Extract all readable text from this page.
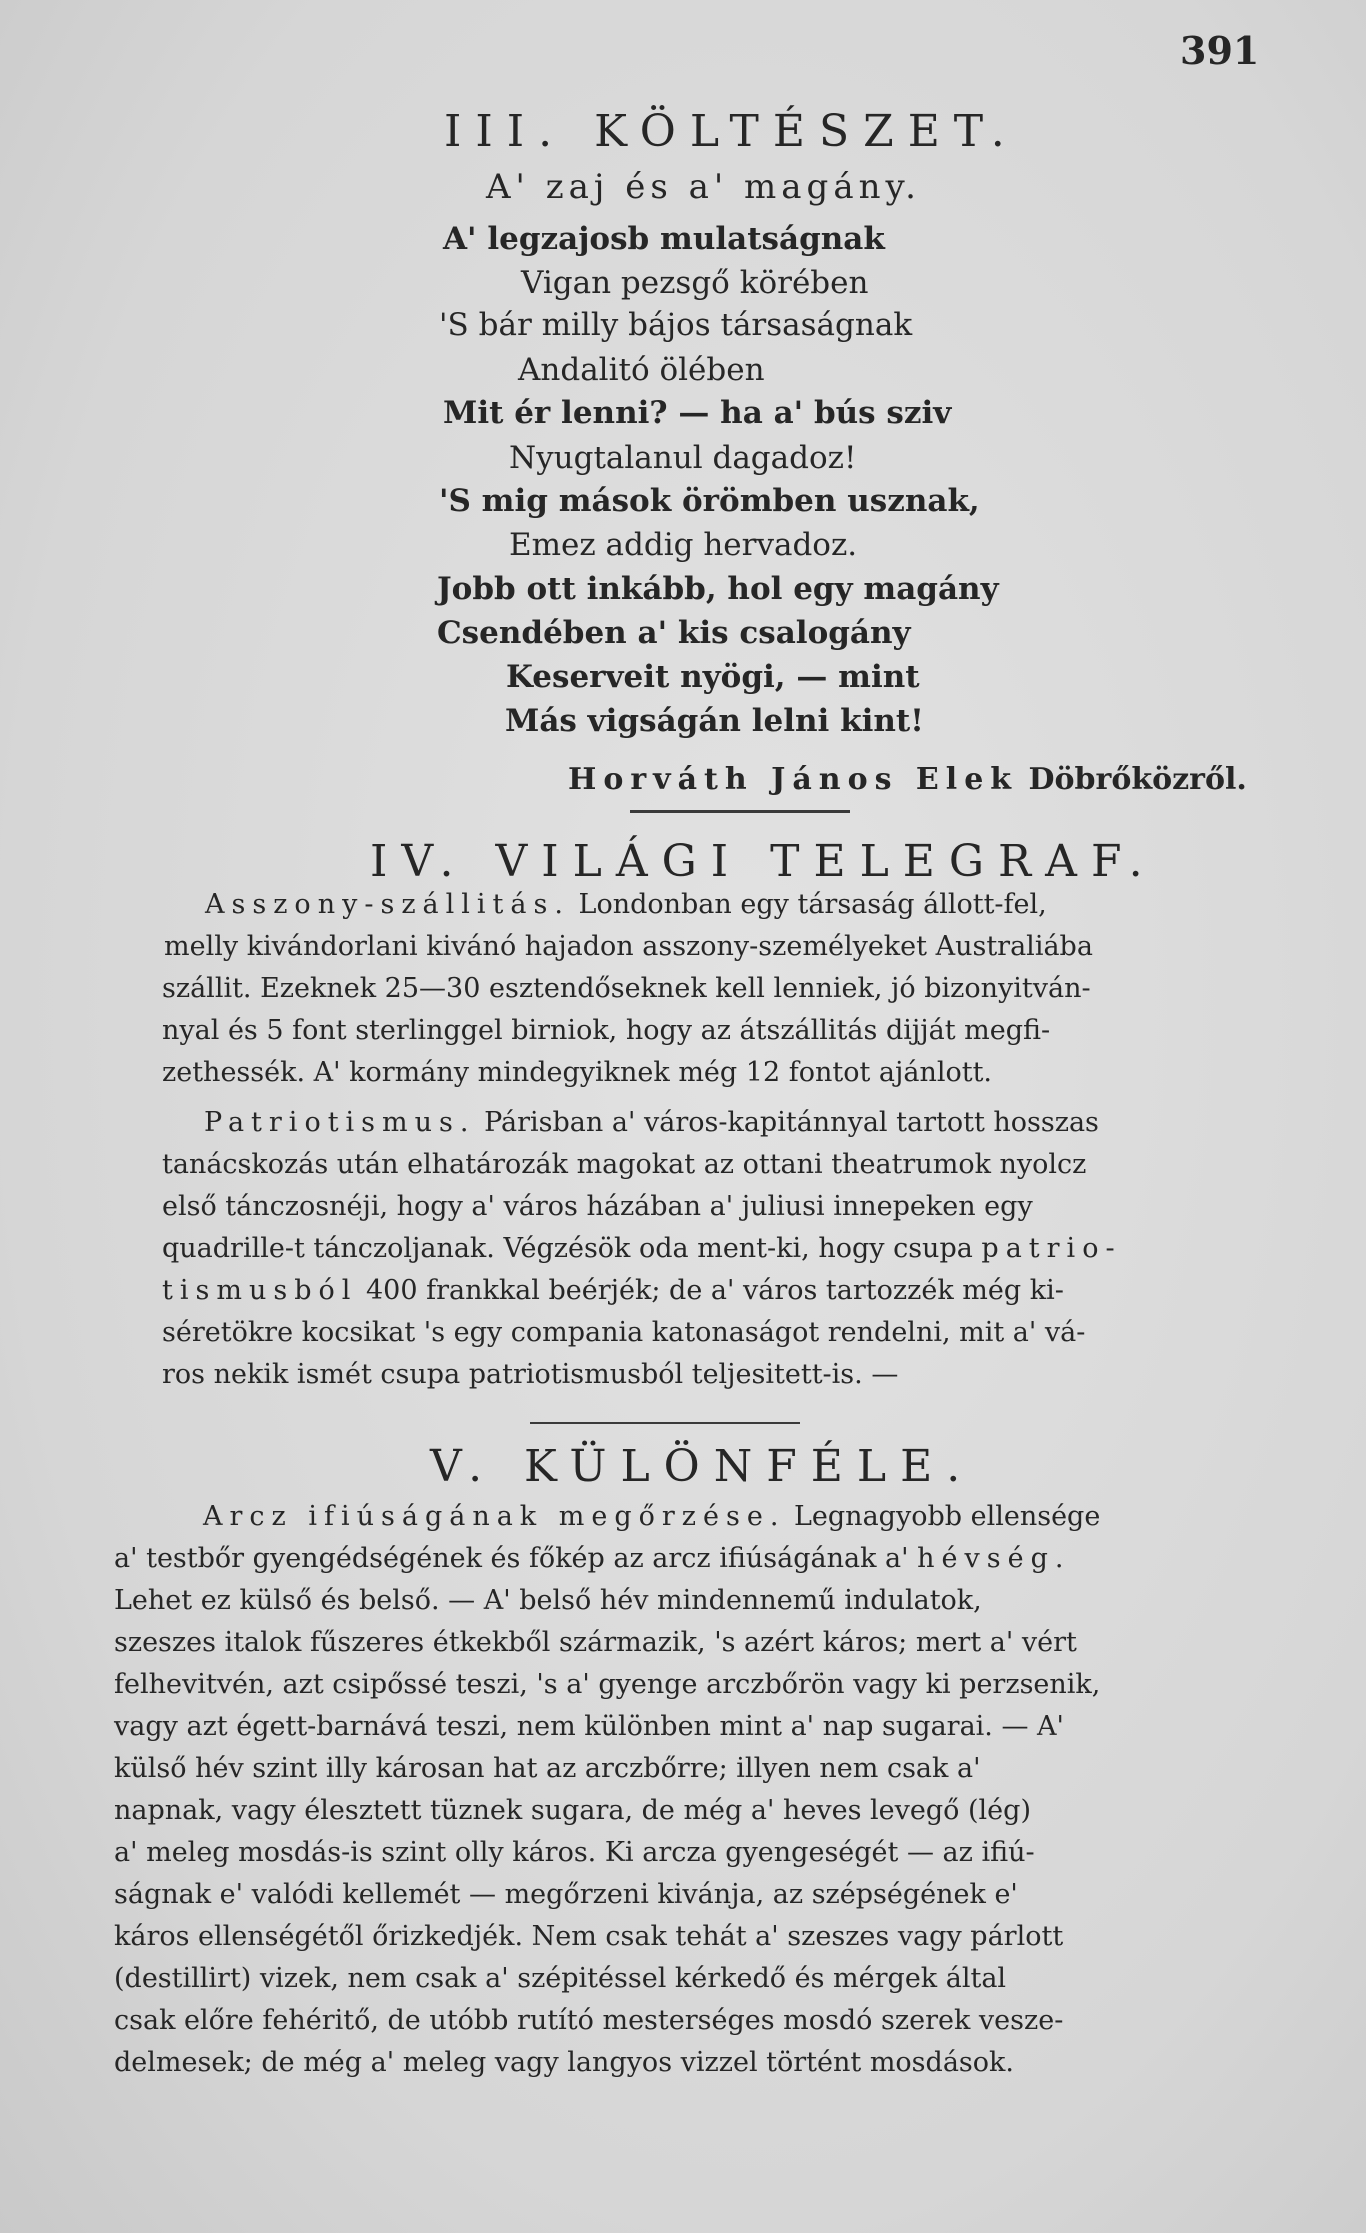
391
III. KÖLTÉSZET.
A' zaj és a' magány.
A' legzajosb mulatságnak
Vigan pezsgő körében
'S bár milly bájos társaságnak
Andalitó ölében
Mit ér lenni? — ha a' bús sziv
Nyugtalanul dagadoz!
'S mig mások örömben usznak,
Emez addig hervadoz.
Jobb ott inkább, hol egy magány
Csendében a' kis csalogány
Keserveit nyögi, — mint
Más vigságán lelni kint!
Horváth János Elek Döbrőközről.
IV. VILÁGI TELEGRAF.
Asszony-szállitás. Londonban egy társaság állott-fel,
melly kivándorlani kivánó hajadon asszony-személyeket Australiába
szállit. Ezeknek 25—30 esztendőseknek kell lenniek, jó bizonyitván-
nyal és 5 font sterlinggel birniok, hogy az átszállitás dijját megfi-
zethessék. A' kormány mindegyiknek még 12 fontot ajánlott.
Patriotismus. Párisban a' város-kapitánnyal tartott hosszas
tanácskozás után elhatározák magokat az ottani theatrumok nyolcz
első tánczosnéji, hogy a' város házában a' juliusi innepeken egy
quadrille-t tánczoljanak. Végzésök oda ment-ki, hogy csupa patrio-
tismusból 400 frankkal beérjék; de a' város tartozzék még ki-
séretökre kocsikat 's egy compania katonaságot rendelni, mit a' vá-
ros nekik ismét csupa patriotismusból teljesitett-is. —
V. KÜLÖNFÉLE.
Arcz ifiúságának megőrzése. Legnagyobb ellensége
a' testbőr gyengédségének és főkép az arcz ifiúságának a' hévség.
Lehet ez külső és belső. — A' belső hév mindennemű indulatok,
szeszes italok fűszeres étkekből származik, 's azért káros; mert a' vért
felhevitvén, azt csipőssé teszi, 's a' gyenge arczbőrön vagy ki perzsenik,
vagy azt égett-barnává teszi, nem különben mint a' nap sugarai. — A'
külső hév szint illy károsan hat az arczbőrre; illyen nem csak a'
napnak, vagy élesztett tüznek sugara, de még a' heves levegő (lég)
a' meleg mosdás-is szint olly káros. Ki arcza gyengeségét — az ifiú-
ságnak e' valódi kellemét — megőrzeni kivánja, az szépségének e'
káros ellenségétől őrizkedjék. Nem csak tehát a' szeszes vagy párlott
(destillirt) vizek, nem csak a' szépitéssel kérkedő és mérgek által
csak előre fehéritő, de utóbb rutító mesterséges mosdó szerek vesze-
delmesek; de még a' meleg vagy langyos vizzel történt mosdások.
